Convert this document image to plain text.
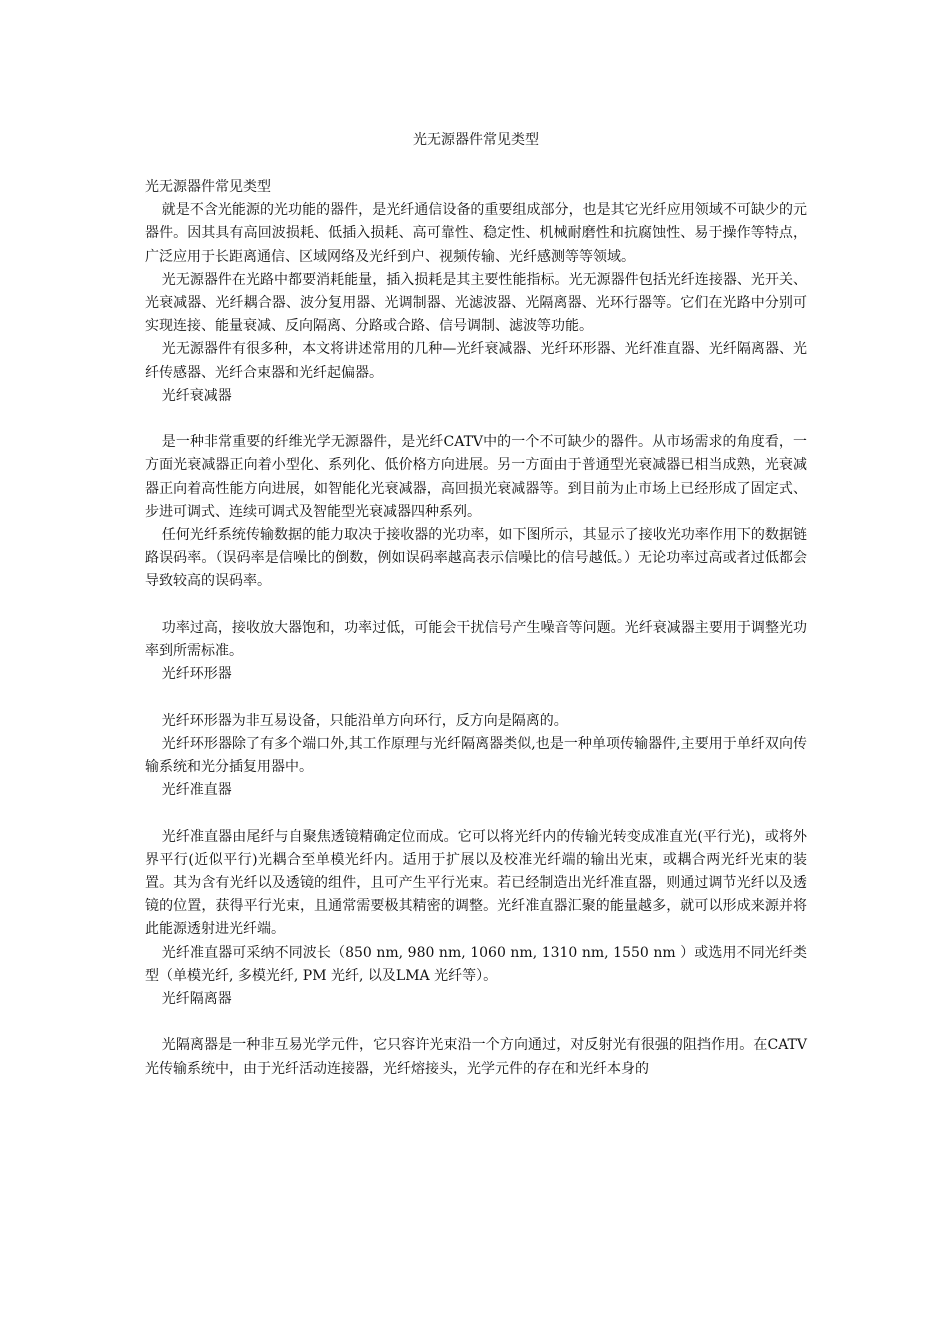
光无源器件常见类型

光无源器件常见类型

就是不含光能源的光功能的器件，是光纤通信设备的重要组成部分，也是其它光纤应用领域不可缺少的元器件。因其具有高回波损耗、低插入损耗、高可靠性、稳定性、机械耐磨性和抗腐蚀性、易于操作等特点，广泛应用于长距离通信、区域网络及光纤到户、视频传输、光纤感测等等领域。

光无源器件在光路中都要消耗能量，插入损耗是其主要性能指标。光无源器件包括光纤连接器、光开关、光衰减器、光纤耦合器、波分复用器、光调制器、光滤波器、光隔离器、光环行器等。它们在光路中分别可实现连接、能量衰减、反向隔离、分路或合路、信号调制、滤波等功能。

光无源器件有很多种，本文将讲述常用的几种—光纤衰减器、光纤环形器、光纤准直器、光纤隔离器、光纤传感器、光纤合束器和光纤起偏器。

光纤衰减器

是一种非常重要的纤维光学无源器件，是光纤CATV中的一个不可缺少的器件。从市场需求的角度看，一方面光衰减器正向着小型化、系列化、低价格方向进展。另一方面由于普通型光衰减器已相当成熟，光衰减器正向着高性能方向进展，如智能化光衰减器，高回损光衰减器等。到目前为止市场上已经形成了固定式、步进可调式、连续可调式及智能型光衰减器四种系列。

任何光纤系统传输数据的能力取决于接收器的光功率，如下图所示，其显示了接收光功率作用下的数据链路误码率。（误码率是信噪比的倒数，例如误码率越高表示信噪比的信号越低。）无论功率过高或者过低都会导致较高的误码率。

功率过高，接收放大器饱和，功率过低，可能会干扰信号产生噪音等问题。光纤衰减器主要用于调整光功率到所需标准。

光纤环形器

光纤环形器为非互易设备，只能沿单方向环行，反方向是隔离的。

光纤环形器除了有多个端口外,其工作原理与光纤隔离器类似,也是一种单项传输器件,主要用于单纤双向传输系统和光分插复用器中。

光纤准直器

光纤准直器由尾纤与自聚焦透镜精确定位而成。它可以将光纤内的传输光转变成准直光(平行光)，或将外界平行(近似平行)光耦合至单模光纤内。适用于扩展以及校准光纤端的输出光束，或耦合两光纤光束的装置。其为含有光纤以及透镜的组件，且可产生平行光束。若已经制造出光纤准直器，则通过调节光纤以及透镜的位置，获得平行光束，且通常需要极其精密的调整。光纤准直器汇聚的能量越多，就可以形成来源并将此能源透射进光纤端。

光纤准直器可采纳不同波长（850 nm, 980 nm, 1060 nm, 1310 nm, 1550 nm ）或选用不同光纤类型（单模光纤, 多模光纤, PM 光纤, 以及LMA 光纤等）。

光纤隔离器

光隔离器是一种非互易光学元件，它只容许光束沿一个方向通过，对反射光有很强的阻挡作用。在CATV光传输系统中，由于光纤活动连接器，光纤熔接头，光学元件的存在和光纤本身的
